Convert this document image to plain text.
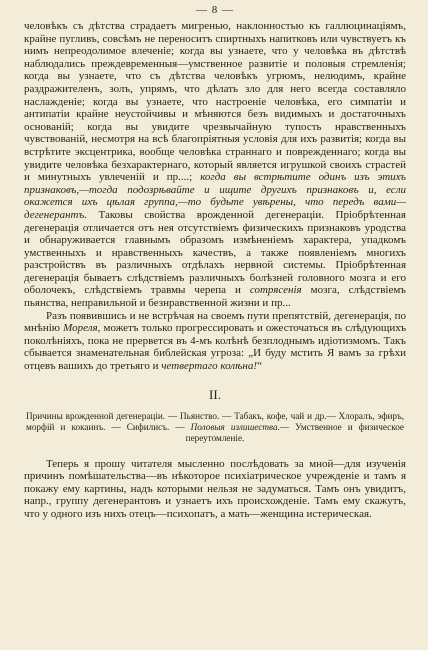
— 8 —

человѣкъ съ дѣтства страдаетъ мигренью, наклонностью къ галлюцинаціямъ, крайне пугливъ, совсѣмъ не переноситъ спиртныхъ напитковъ или чувствуетъ къ нимъ непреодолимое влеченіе; когда вы узнаете, что у человѣка въ дѣтствѣ наблюдались преждевременныя—умственное развитіе и половыя стремленія; когда вы узнаете, что съ дѣтства человѣкъ угрюмъ, нелюдимъ, крайне раздражителенъ, золъ, упрямъ, что дѣлать зло для него всегда составляло наслажденіе; когда вы узнаете, что настроеніе человѣка, его симпатіи и антипатіи крайне неустойчивы и мѣняются безъ видимыхъ и достаточныхъ основаній; когда вы увидите чрезвычайную тупость нравственныхъ чувствованій, несмотря на всѣ благопріятныя условія для ихъ развитія; когда вы встрѣтите эксцентрика, вообще человѣка страннаго и поврежденнаго; когда вы увидите человѣка безхарактернаго, который является игрушкой своихъ страстей и минутныхъ увлеченій и пр....; когда вы встрѣтите одинъ изъ этихъ признаковъ,—тогда подозрѣвайте и ищите другихъ признаковъ и, если окажется ихъ цѣлая группа,—то будьте увѣрены, что передъ вами—дегенерантъ. Таковы свойства врожденной дегенераціи. Пріобрѣтенная дегенерація отличается отъ нея отсутствіемъ физическихъ признаковъ уродства и обнаруживается главнымъ образомъ измѣненіемъ характера, упадкомъ умственныхъ и нравственныхъ качествъ, а также появленіемъ многихъ разстройствъ въ различныхъ отдѣлахъ нервной системы. Пріобрѣтенная дегенерація бываетъ слѣдствіемъ различныхъ болѣзней головного мозга и его оболочекъ, слѣдствіемъ травмы черепа и сотрясенія мозга, слѣдствіемъ пьянства, неправильной и безнравственной жизни и пр...

Разъ появившись и не встрѣчая на своемъ пути препятствій, дегенерація, по мнѣнію Мореля, можетъ только прогрессировать и ожесточаться въ слѣдующихъ поколѣніяхъ, пока не прервется въ 4-мъ колѣнѣ безплоднымъ идіотизмомъ. Такъ сбывается знаменательная библейская угроза: „И буду мстить Я вамъ за грѣхи отцевъ вашихъ до третьяго и четвертаго колѣна!“

II.

Причины врожденной дегенераціи. — Пьянство. — Табакъ, кофе, чай и др.— Хлоралъ, эфиръ, морфій и кокаинъ. — Сифилисъ. — Половыя излишества.— Умственное и физическое переутомленіе.

Теперь я прошу читателя мысленно послѣдовать за мной—для изученія причинъ помѣшательства—въ нѣкоторое психіатрическое учрежденіе и тамъ я покажу ему картины, надъ которыми нельзя не задуматься. Тамъ онъ увидитъ, напр., группу дегенерантовъ и узнаетъ ихъ происхожденіе. Тамъ ему скажутъ, что у одного изъ нихъ отецъ—психопатъ, а мать—женщина истерическая.
